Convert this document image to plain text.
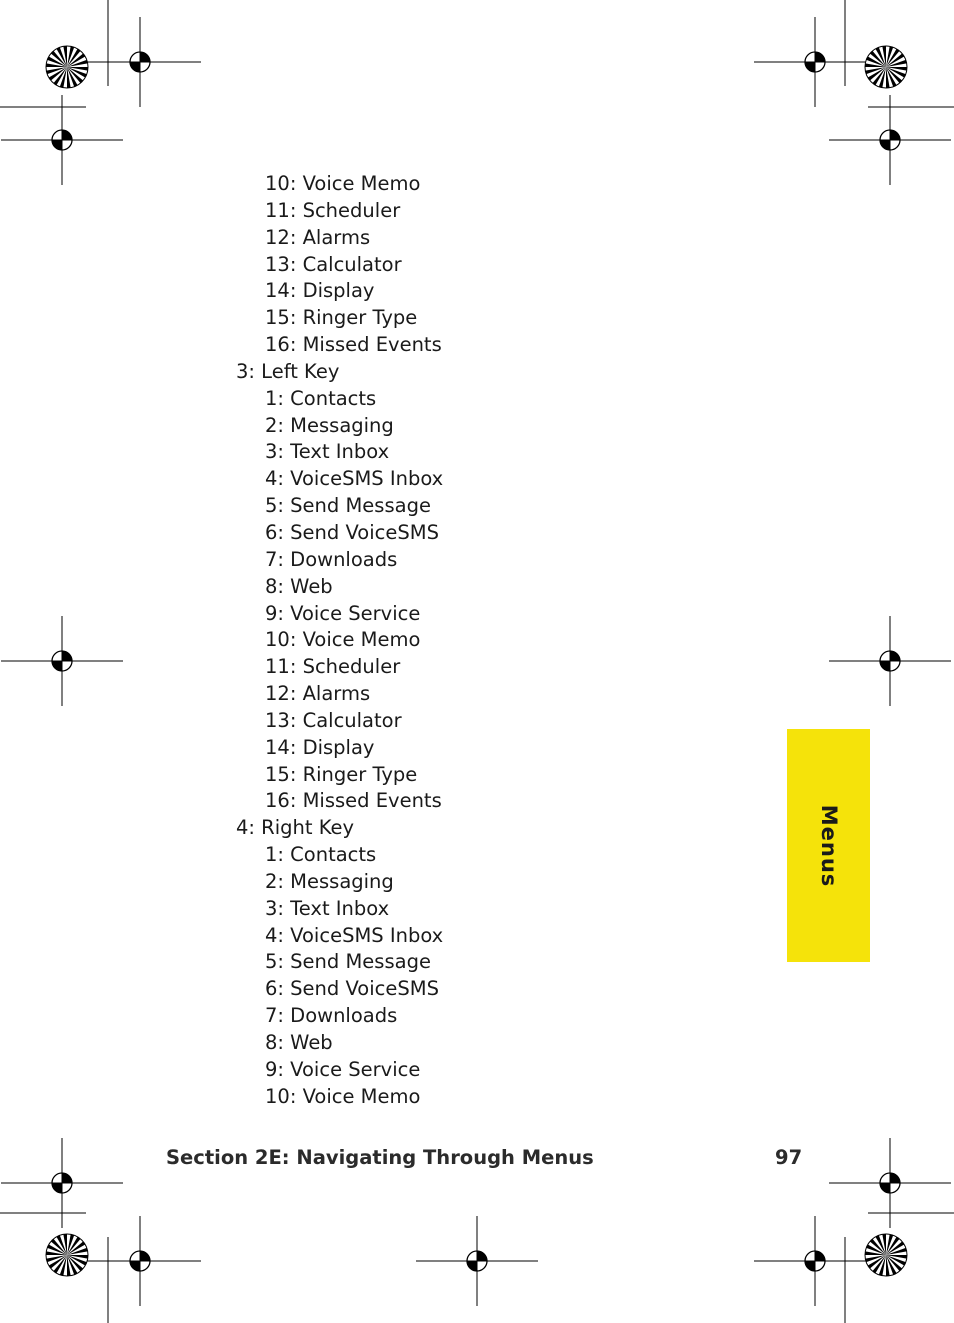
10: Voice Memo
11: Scheduler
12: Alarms
13: Calculator
14: Display
15: Ringer Type
16: Missed Events
3: Left Key
1: Contacts
2: Messaging
3: Text Inbox
4: VoiceSMS Inbox
5: Send Message
6: Send VoiceSMS
7: Downloads
8: Web
9: Voice Service
10: Voice Memo
11: Scheduler
12: Alarms
13: Calculator
14: Display
15: Ringer Type
16: Missed Events
4: Right Key
1: Contacts
2: Messaging
3: Text Inbox
4: VoiceSMS Inbox
5: Send Message
6: Send VoiceSMS
7: Downloads
8: Web
9: Voice Service
10: Voice Memo
Section 2E: Navigating Through Menus	97
Menus
